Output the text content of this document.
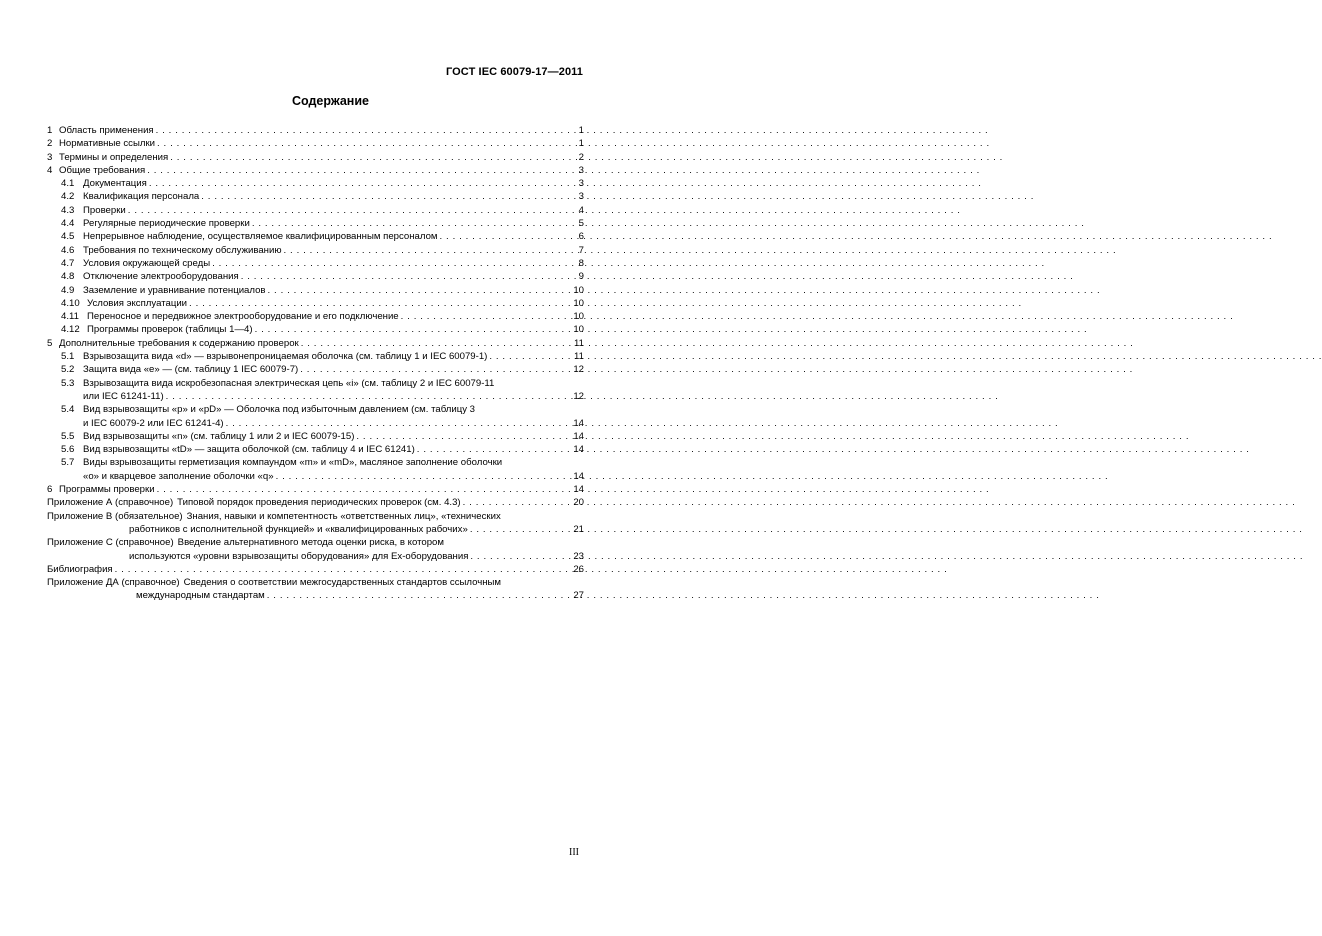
ГОСТ IEC 60079-17—2011
Содержание
1 Область применения . . .	1
2 Нормативные ссылки . . .	1
3 Термины и определения . . .	2
4 Общие требования . . .	3
4.1 Документация . . .	3
4.2 Квалификация персонала . . .	3
4.3 Проверки . . .	4
4.4 Регулярные периодические проверки . . .	5
4.5 Непрерывное наблюдение, осуществляемое квалифицированным персоналом . . .	6
4.6 Требования по техническому обслуживанию . . .	7
4.7 Условия окружающей среды . . .	8
4.8 Отключение электрооборудования . . .	9
4.9 Заземление и уравнивание потенциалов . . .	10
4.10 Условия эксплуатации . . .	10
4.11 Переносное и передвижное электрооборудование и его подключение . . .	10
4.12 Программы проверок (таблицы 1—4) . . .	10
5 Дополнительные требования к содержанию проверок . . .	11
5.1 Взрывозащита вида «d» — взрывонепроницаемая оболочка (см. таблицу 1 и IEC 60079-1) . . .	11
5.2 Защита вида «е» — (см. таблицу 1 IEC 60079-7) . . .	12
5.3 Взрывозащита вида искробезопасная электрическая цепь «i» (см. таблицу 2 и IEC 60079-11
или IEC 61241-11) . . .	12
5.4 Вид взрывозащиты «р» и «pD» — Оболочка под избыточным давлением (см. таблицу 3
и IEC 60079-2 или IEC 61241-4) . . .	14
5.5 Вид взрывозащиты «n» (см. таблицу 1 или 2 и IEC 60079-15) . . .	14
5.6 Вид взрывозащиты «tD» — защита оболочкой (см. таблицу 4 и IEC 61241) . . .	14
5.7 Виды взрывозащиты герметизация компаундом «m» и «mD», масляное заполнение оболочки
«о» и кварцевое заполнение оболочки «q» . . .	14
6 Программы проверки . . .	14
Приложение А (справочное) Типовой порядок проведения периодических проверок (см. 4.3) . . .	20
Приложение В (обязательное) Знания, навыки и компетентность «ответственных лиц», «технических
работников с исполнительной функцией» и «квалифицированных рабочих» . . .	21
Приложение С (справочное) Введение альтернативного метода оценки риска, в котором
используются «уровни взрывозащиты оборудования» для Ех-оборудования . . .	23
Библиография . . .	26
Приложение ДА (справочное) Сведения о соответствии межгосударственных стандартов ссылочным
международным стандартам . . .	27
III
